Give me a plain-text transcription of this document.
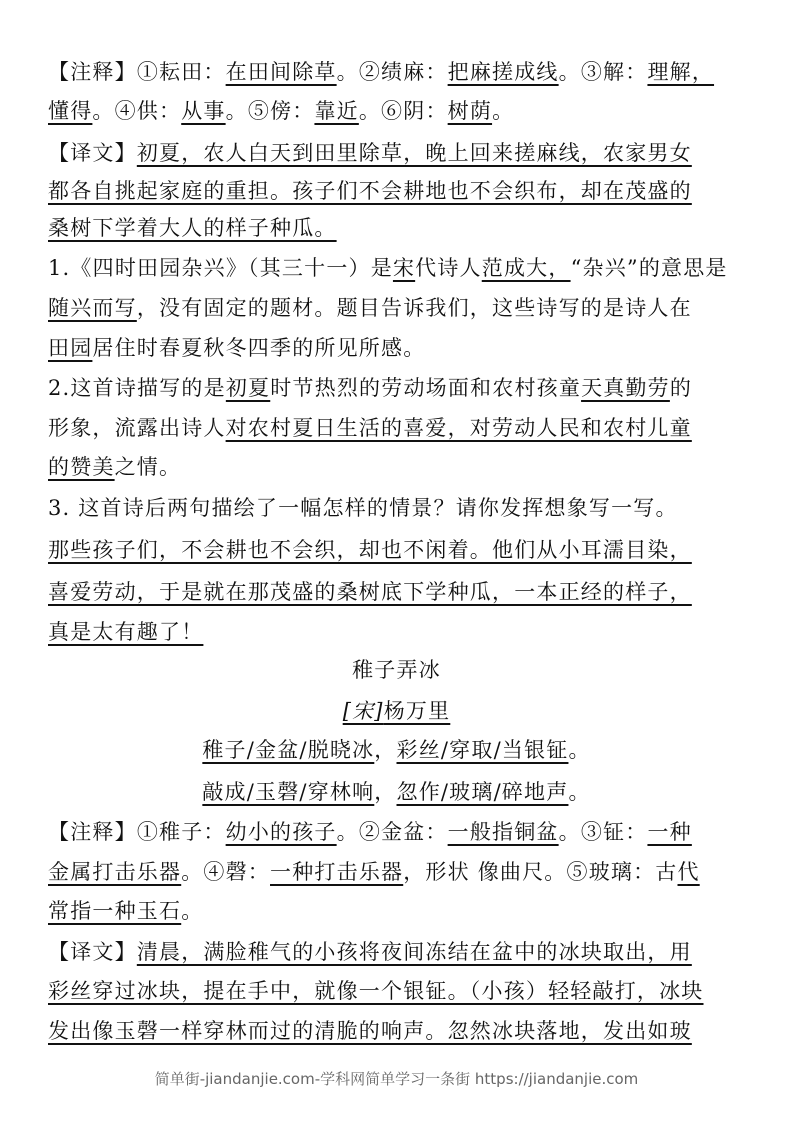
【注释】①耘田：在田间除草。②绩麻：把麻搓成线。③解：理解，
懂得。④供：从事。⑤傍：靠近。⑥阴：树荫。
【译文】初夏，农人白天到田里除草，晚上回来搓麻线，农家男女
都各自挑起家庭的重担。孩子们不会耕地也不会织布，却在茂盛的
桑树下学着大人的样子种瓜。
1.《四时田园杂兴》（其三十一）是宋代诗人范成大，“杂兴”的意思是
随兴而写，没有固定的题材。题目告诉我们，这些诗写的是诗人在
田园居住时春夏秋冬四季的所见所感。
2.这首诗描写的是初夏时节热烈的劳动场面和农村孩童天真勤劳的
形象，流露出诗人对农村夏日生活的喜爱，对劳动人民和农村儿童
的赞美之情。
3. 这首诗后两句描绘了一幅怎样的情景？请你发挥想象写一写。
那些孩子们，不会耕也不会织，却也不闲着。他们从小耳濡目染，
喜爱劳动，于是就在那茂盛的桑树底下学种瓜，一本正经的样子，
真是太有趣了！
稚子弄冰
[宋]杨万里
稚子/金盆/脱晓冰，彩丝/穿取/当银钲。
敲成/玉磬/穿林响，忽作/玻璃/碎地声。
【注释】①稚子：幼小的孩子。②金盆：一般指铜盆。③钲：一种
金属打击乐器。④磬：一种打击乐器，形状 像曲尺。⑤玻璃：古代
常指一种玉石。
【译文】清晨，满脸稚气的小孩将夜间冻结在盆中的冰块取出，用
彩丝穿过冰块，提在手中，就像一个银钲。（小孩）轻轻敲打，冰块
发出像玉磬一样穿林而过的清脆的响声。忽然冰块落地，发出如玻
简单街-jiandanjie.com-学科网简单学习一条街 https://jiandanjie.com
